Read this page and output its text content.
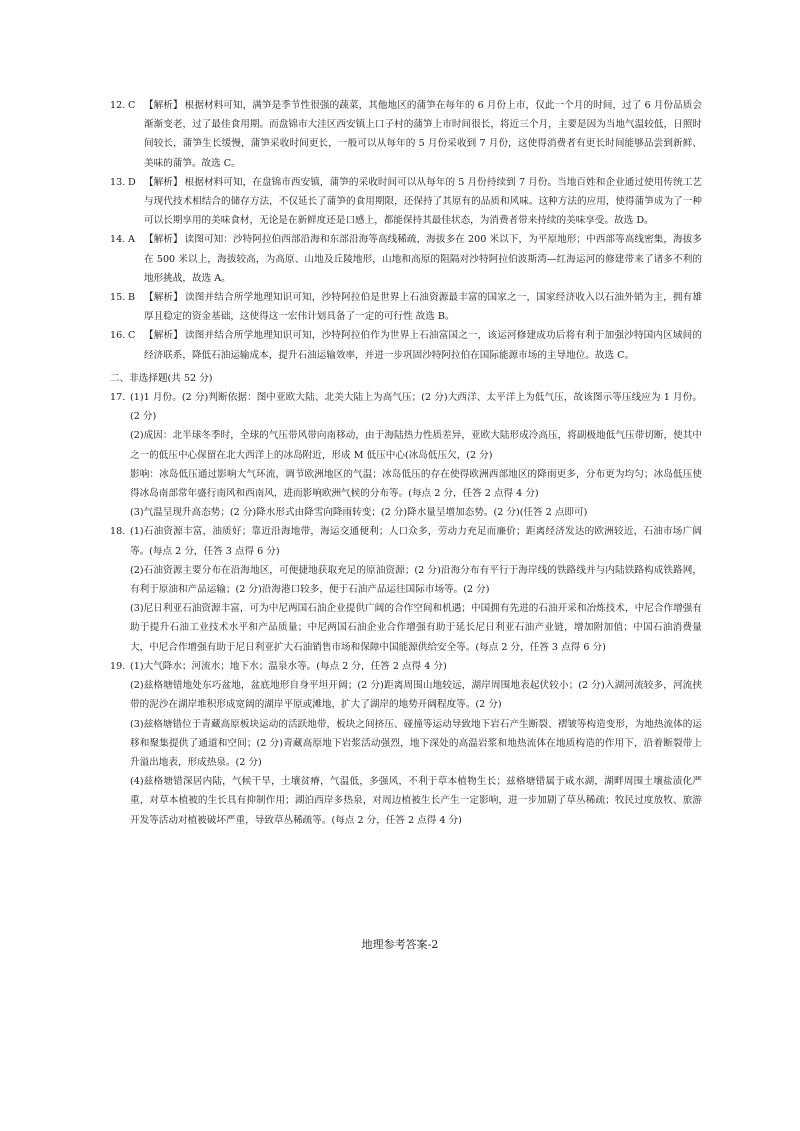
12. C 【解析】 根据材料可知，满笋是季节性很强的蔬菜，其他地区的蒲笋在每年的 6 月份上市，仅此一个月的时间，过了 6 月份品质会渐渐变老，过了最佳食用期。而盘锦市大洼区西安镇上口子村的蒲笋上市时间很长，将近三个月，主要是因为当地气温较低，日照时间较长，蒲笋生长缓慢，蒲笋采收时间更长，一般可以从每年的 5 月份采收到 7 月份，这使得消费者有更长时间能够品尝到新鲜、美味的蒲笋。故选 C。
13. D 【解析】 根据材料可知，在盘锦市西安镇，蒲笋的采收时间可以从每年的 5 月份持续到 7 月份。当地百姓和企业通过使用传统工艺与现代技术相结合的储存方法，不仅延长了蒲笋的食用期限，还保持了其原有的品质和风味。这种方法的应用，使得蒲笋成为了一种可以长期享用的美味食材，无论是在新鲜度还是口感上，都能保持其最佳状态，为消费者带来持续的美味享受。故选 D。
14. A 【解析】 读图可知：沙特阿拉伯西部沿海和东部沿海等高线稀疏，海拔多在 200 米以下，为平原地形；中西部等高线密集，海拔多在 500 米以上，海拔较高，为高原、山地及丘陵地形，山地和高原的阻隔对沙特阿拉伯波斯湾—红海运河的修建带来了诸多不利的地形挑战，故选 A。
15. B 【解析】 读图并结合所学地理知识可知，沙特阿拉伯是世界上石油资源最丰富的国家之一，国家经济收入以石油外销为主，拥有雄厚且稳定的资金基础，这使得这一宏伟计划具备了一定的可行性 故选 B。
16. C 【解析】 读图并结合所学地理知识可知，沙特阿拉伯作为世界上石油富国之一，该运河修建成功后将有利于加强沙特国内区域间的经济联系，降低石油运输成本，提升石油运输效率，并进一步巩固沙特阿拉伯在国际能源市场的主导地位。故选 C。
二、非选择题(共 52 分)
17. (1)1 月份。(2 分)判断依据：图中亚欧大陆、北美大陆上为高气压；(2 分)大西洋、太平洋上为低气压，故该图示等压线应为 1 月份。(2 分)
(2)成因：北半球冬季时，全球的气压带风带向南移动，由于海陆热力性质差异，亚欧大陆形成冷高压，将副极地低气压带切断，使其中之一的低压中心保留在北大西洋上的冰岛附近，形成 M 低压中心(冰岛低压欠，(2 分)
影响：冰岛低压通过影响大气环流，调节欧洲地区的气温；冰岛低压的存在使得欧洲西部地区的降雨更多，分布更为均匀；冰岛低压使得冰岛南部常年盛行南风和西南风，进而影响欧洲气候的分布等。(每点 2 分，任答 2 点得 4 分)
(3)气温呈现升高态势；(2 分)降水形式由降雪向降雨转变；(2 分)降水量呈增加态势。(2 分)(任答 2 点即可)
18. (1)石油资源丰富，油质好；靠近沿海地带，海运交通便利；人口众多，劳动力充足而廉价；距离经济发达的欧洲较近，石油市场广阔等。(每点 2 分，任答 3 点得 6 分)
(2)石油资源主要分布在沿海地区，可便捷地获取充足的原油资源；(2 分)沿海分布有平行于海岸线的铁路线并与内陆铁路构成铁路网，有利于原油和产品运输；(2 分)沿海港口较多，便于石油产品运往国际市场等。(2 分)
(3)尼日利亚石油资源丰富，可为中尼两国石油企业提供广阔的合作空间和机遇；中国拥有先进的石油开采和冶炼技术，中尼合作增强有助于提升石油工业技术水平和产品质量；中尼两国石油企业合作增强有助于延长尼日利亚石油产业链，增加附加值；中国石油消费量大，中尼合作增强有助于尼日利亚扩大石油销售市场和保障中国能源供给安全等。(每点 2 分，任答 3 点得 6 分)
19. (1)大气降水；河流水；地下水；温泉水等。(每点 2 分，任答 2 点得 4 分)
(2)兹格塘错地处东巧盆地，盆底地形自身平坦开阔；(2 分)距离周围山地较远，湖岸周围地表起伏较小；(2 分)入湖河流较多，河流挟带的泥沙在湖岸堆积形成宽阔的湖岸平原或滩地，扩大了湖岸的地势开阔程度等。(2 分)
(3)兹格塘错位于青藏高原板块运动的活跃地带，板块之间挤压、碰撞等运动导致地下岩石产生断裂、褶皱等构造变形，为地热流体的运移和聚集提供了通道和空间；(2 分)青藏高原地下岩浆活动强烈，地下深处的高温岩浆和地热流体在地质构造的作用下，沿着断裂带上升溢出地表，形成热泉。(2 分)
(4)兹格塘错深居内陆，气候干旱，土壤贫瘠，气温低，多强风，不利于草本植物生长；兹格塘错属于咸水湖，湖畔周围土壤盐渍化严重，对草本植被的生长具有抑制作用；湖泊西岸多热泉，对周边植被生长产生一定影响，进一步加剧了草丛稀疏；牧民过度放牧、旅游开发等活动对植被破坏严重，导致草丛稀疏等。(每点 2 分，任答 2 点得 4 分)
地理参考答案-2
